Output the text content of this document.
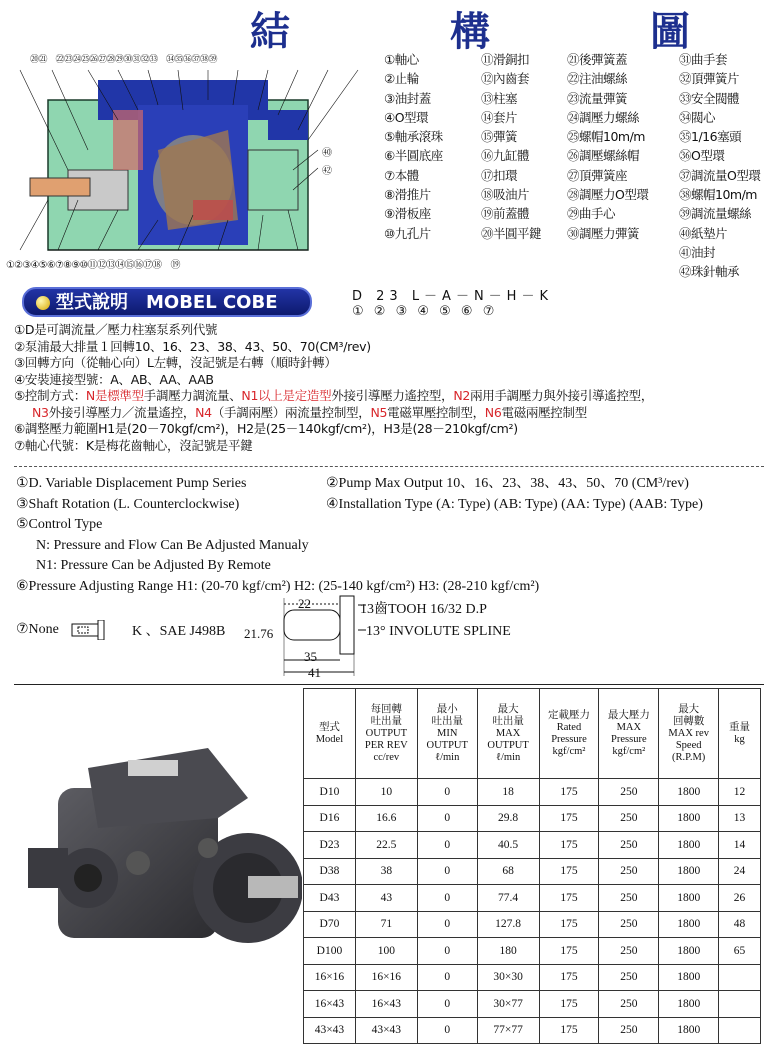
結　構　圖
⑳㉑　㉒㉓㉔㉕㉖㉗㉘㉙㉚㉛㉜㉝　㉞㉟㊱㊲㊳㊴
①②③④⑤⑥⑦⑧⑨⑩⑪⑫⑬⑭⑮⑯⑰⑱　⑲
㊵
㊷
①軸心	⑪滑銅扣	㉑後彈簧蓋	㉛曲手套
②止輪	⑫內齒套	㉒注油螺絲	㉜頂彈簧片
③油封蓋	⑬柱塞	㉓流量彈簧	㉝安全閥體
④O型環	⑭套片	㉔調壓力螺絲	㉞閥心
⑤軸承滾珠	⑮彈簧	㉕螺帽10m/m	㉟1/16塞頭
⑥半圓底座	⑯九缸體	㉖調壓螺絲帽	㊱O型環
⑦本體	⑰扣環	㉗頂彈簧座	㊲調流量O型環
⑧滑推片	⑱吸油片	㉘調壓力O型環	㊳螺帽10m/m
⑨滑板座	⑲前蓋體	㉙曲手心	㊴調流量螺絲
⑩九孔片	⑳半圓平鍵	㉚調壓力彈簧	㊵紙墊片
㊶油封
㊷珠針軸承
型式說明　MOBEL COBE	D 23 L－A－N－H－K
① ② ③ ④ ⑤ ⑥ ⑦
①D是可調流量／壓力柱塞泵系列代號
②泵浦最大排量１回轉10、16、23、38、43、50、70(CM³/rev)
③回轉方向（從軸心向）L左轉，沒記號是右轉（順時針轉）
④安裝連接型號：A、AB、AA、AAB
⑤控制方式：N是標準型手調壓力調流量、N1以上是定造型外接引導壓力遙控型，N2兩用手調壓力與外接引導遙控型，
N3外接引導壓力／流量遙控，N4（手調兩壓）兩流量控制型，N5電磁單壓控制型，N6電磁兩壓控制型
⑥調整壓力範圍H1是(20－70kgf/cm²)，H2是(25－140kgf/cm²)，H3是(28－210kgf/cm²)
⑦軸心代號：K是梅花齒軸心，沒記號是平鍵
①D. Variable Displacement Pump Series	②Pump Max Output 10、16、23、38、43、50、70 (CM³/rev)
③Shaft Rotation (L. Counterclockwise)	④Installation Type (A: Type) (AB: Type) (AA: Type) (AAB: Type)
⑤Control Type
N: Pressure and Flow Can Be Adjusted Manualy
N1: Pressure Can be Adjusted By Remote
⑥Pressure Adjusting Range H1: (20-70 kgf/cm²) H2: (25-140 kgf/cm²) H3: (28-210 kgf/cm²)
⑦None	K 、SAE J498B
22
21.76
35
41
13齒TOOH 16/32 D.P
13° INVOLUTE SPLINE
型式
Model	每回轉
吐出量
OUTPUT
PER REV
cc/rev	最小
吐出量
MIN
OUTPUT
ℓ/min	最大
吐出量
MAX
OUTPUT
ℓ/min	定載壓力
Rated
Pressure
kgf/cm²	最大壓力
MAX
Pressure
kgf/cm²	最大
回轉數
MAX rev
Speed
(R.P.M)	重量
kg
D10	10	0	18	175	250	1800	12
D16	16.6	0	29.8	175	250	1800	13
D23	22.5	0	40.5	175	250	1800	14
D38	38	0	68	175	250	1800	24
D43	43	0	77.4	175	250	1800	26
D70	71	0	127.8	175	250	1800	48
D100	100	0	180	175	250	1800	65
16×16	16×16	0	30×30	175	250	1800	
16×43	16×43	0	30×77	175	250	1800	
43×43	43×43	0	77×77	175	250	1800	
